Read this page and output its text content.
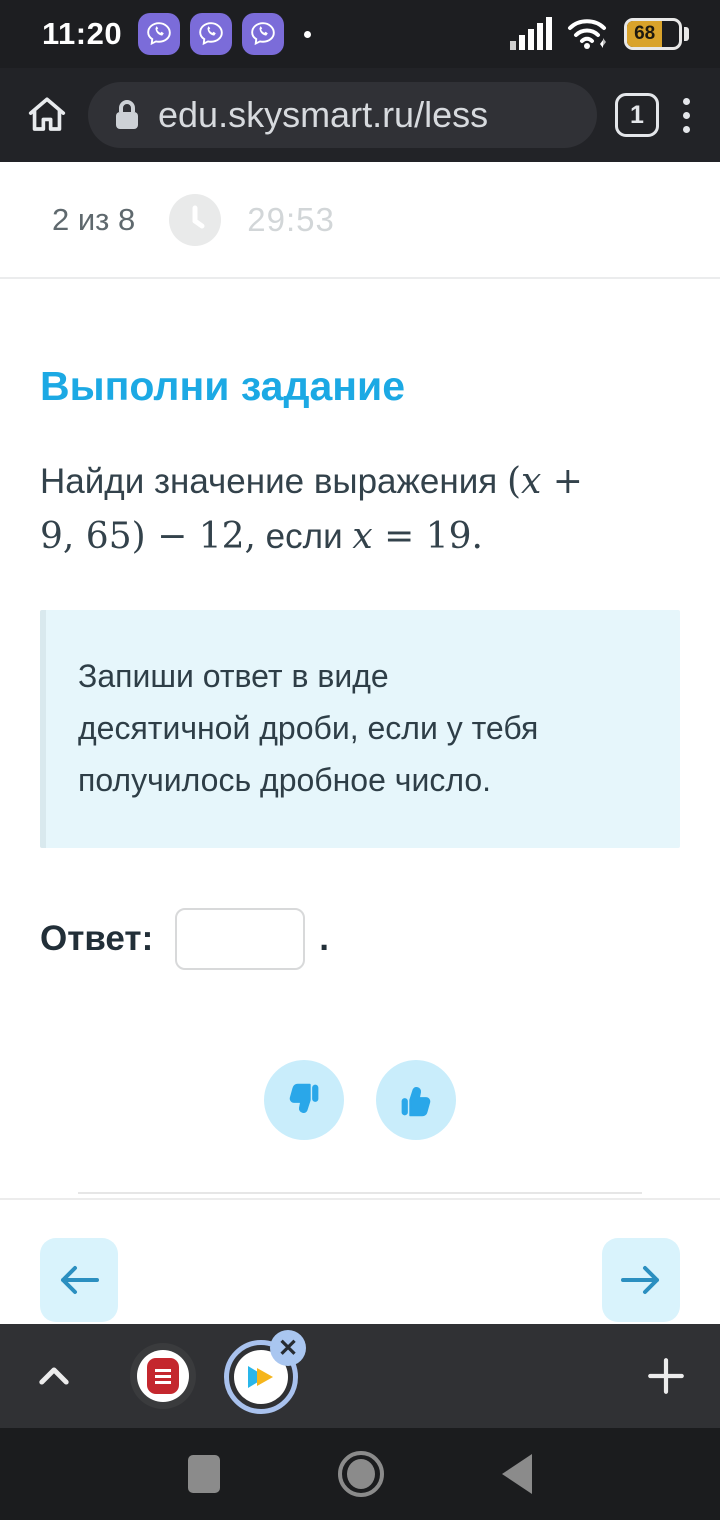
11:20	68
edu.skysmart.ru/less	1
2 из 8	29:53
Выполни задание
Найди значение выражения (x +
9, 65) − 12, если x = 19.
Запиши ответ в виде
десятичной дроби, если у тебя
получилось дробное число.
Ответ:	.
✕
